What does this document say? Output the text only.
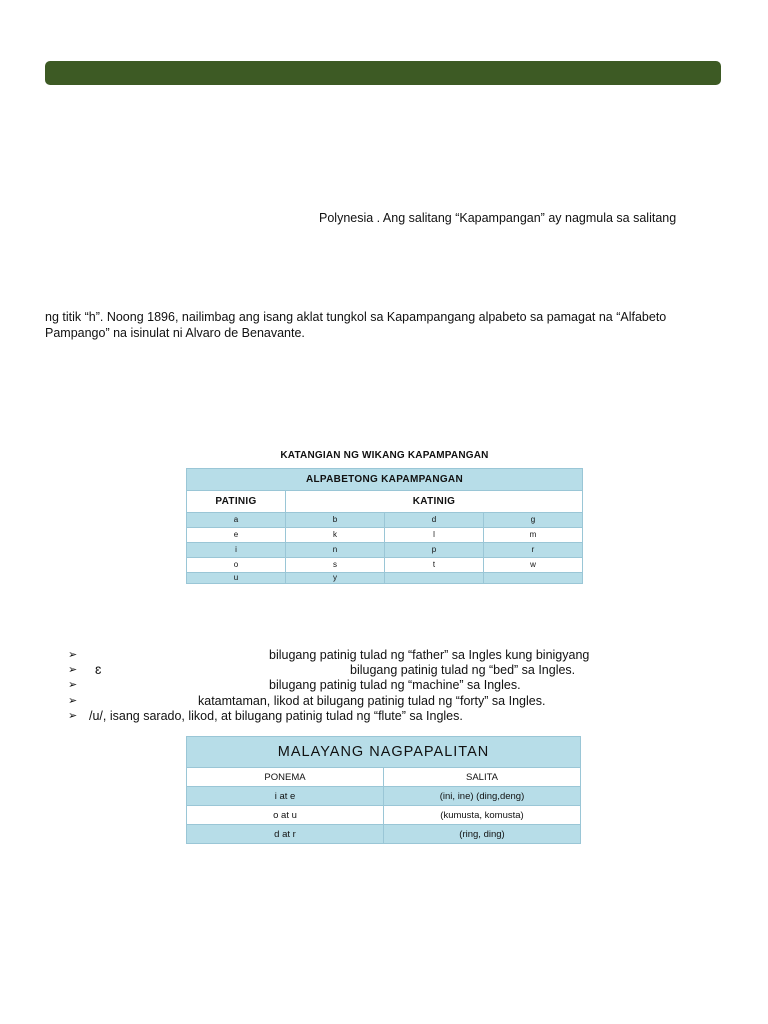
Polynesia . Ang salitang “Kapampangan” ay nagmula sa salitang
ng titik “h”. Noong 1896, nailimbag ang isang aklat tungkol sa Kapampangang alpabeto sa pamagat na “Alfabeto
Pampango” na isinulat ni Alvaro de Benavante.
KATANGIAN NG WIKANG KAPAMPANGAN
ALPABETONG KAPAMPANGAN			
PATINIG	KATINIG		
a	b	d	g
e	k	l	m
i	n	p	r
o	s	t	w
u	y		
➢	bilugang patinig tulad ng “father” sa Ingles kung binigyang
➢ ɛ	bilugang patinig tulad ng “bed” sa Ingles.
➢	bilugang patinig tulad ng “machine” sa Ingles.
➢	katamtaman, likod at bilugang patinig tulad ng “forty” sa Ingles.
➢ /u/, isang sarado, likod, at bilugang patinig tulad ng “flute” sa Ingles.
MALAYANG NAGPAPALITAN	
PONEMA	SALITA
i at e	(ini, ine) (ding,deng)
o at u	(kumusta, komusta)
d at r	(ring, ding)
